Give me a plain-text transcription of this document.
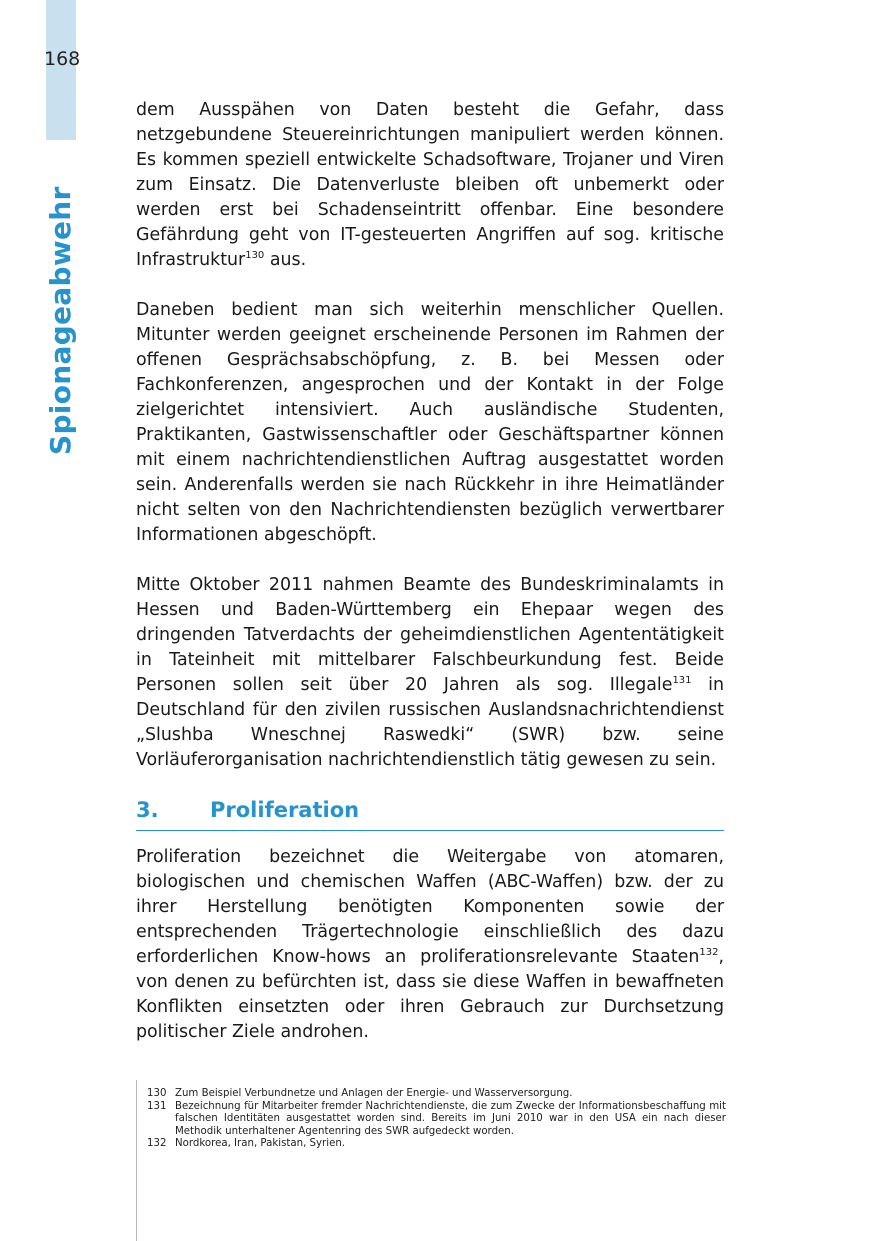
168
Spionageabwehr

dem Ausspähen von Daten besteht die Gefahr, dass netzgebundene Steuereinrichtungen manipuliert werden können. Es kommen speziell entwickelte Schadsoftware, Trojaner und Viren zum Einsatz. Die Datenverluste bleiben oft unbemerkt oder werden erst bei Schadenseintritt offenbar. Eine besondere Gefährdung geht von IT-gesteuerten Angriffen auf sog. kritische Infrastruktur$^{130}$ aus.

Daneben bedient man sich weiterhin menschlicher Quellen. Mitunter werden geeignet erscheinende Personen im Rahmen der offenen Gesprächsabschöpfung, z. B. bei Messen oder Fachkonferenzen, angesprochen und der Kontakt in der Folge zielgerichtet intensiviert. Auch ausländische Studenten, Praktikanten, Gastwissenschaftler oder Geschäftspartner können mit einem nachrichtendienstlichen Auftrag ausgestattet worden sein. Anderenfalls werden sie nach Rückkehr in ihre Heimatländer nicht selten von den Nachrichtendiensten bezüglich verwertbarer Informationen abgeschöpft.

Mitte Oktober 2011 nahmen Beamte des Bundeskriminalamts in Hessen und Baden-Württemberg ein Ehepaar wegen des dringenden Tatverdachts der geheimdienstlichen Agententätigkeit in Tateinheit mit mittelbarer Falschbeurkundung fest. Beide Personen sollen seit über 20 Jahren als sog. Illegale$^{131}$ in Deutschland für den zivilen russischen Auslandsnachrichtendienst „Slushba Wneschnej Raswedki“ (SWR) bzw. seine Vorläuferorganisation nachrichtendienstlich tätig gewesen zu sein.

3.	Proliferation

Proliferation bezeichnet die Weitergabe von atomaren, biologischen und chemischen Waffen (ABC-Waffen) bzw. der zu ihrer Herstellung benötigten Komponenten sowie der entsprechenden Trägertechnologie einschließlich des dazu erforderlichen Know-hows an proliferationsrelevante Staaten$^{132}$, von denen zu befürchten ist, dass sie diese Waffen in bewaffneten Konflikten einsetzten oder ihren Gebrauch zur Durchsetzung politischer Ziele androhen.

130 Zum Beispiel Verbundnetze und Anlagen der Energie- und Wasserversorgung.
131 Bezeichnung für Mitarbeiter fremder Nachrichtendienste, die zum Zwecke der Informationsbeschaffung mit falschen Identitäten ausgestattet worden sind. Bereits im Juni 2010 war in den USA ein nach dieser Methodik unterhaltener Agentenring des SWR aufgedeckt worden.
132 Nordkorea, Iran, Pakistan, Syrien.
